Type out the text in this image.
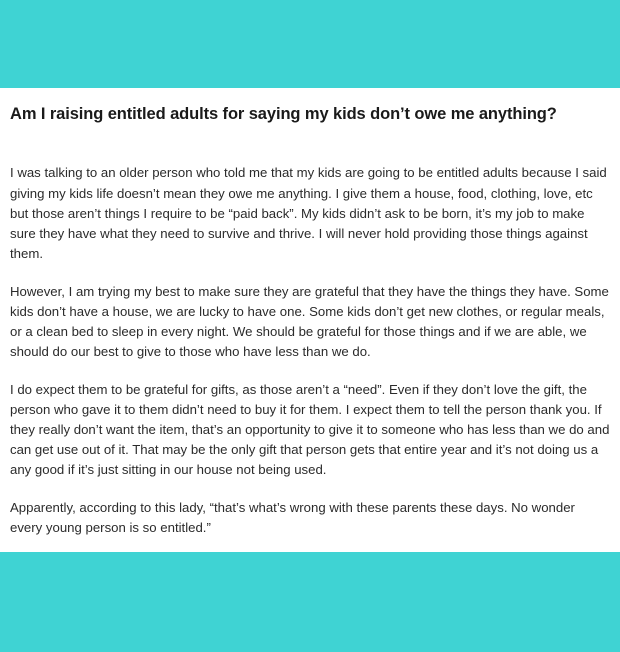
Am I raising entitled adults for saying my kids don’t owe me anything?

I was talking to an older person who told me that my kids are going to be entitled adults because I said giving my kids life doesn’t mean they owe me anything. I give them a house, food, clothing, love, etc but those aren’t things I require to be “paid back”. My kids didn’t ask to be born, it’s my job to make sure they have what they need to survive and thrive. I will never hold providing those things against them.

However, I am trying my best to make sure they are grateful that they have the things they have. Some kids don’t have a house, we are lucky to have one. Some kids don’t get new clothes, or regular meals, or a clean bed to sleep in every night. We should be grateful for those things and if we are able, we should do our best to give to those who have less than we do.

I do expect them to be grateful for gifts, as those aren’t a “need”. Even if they don’t love the gift, the person who gave it to them didn’t need to buy it for them. I expect them to tell the person thank you. If they really don’t want the item, that’s an opportunity to give it to someone who has less than we do and can get use out of it. That may be the only gift that person gets that entire year and it’s not doing us a any good if it’s just sitting in our house not being used.

Apparently, according to this lady, “that’s what’s wrong with these parents these days. No wonder every young person is so entitled.”
